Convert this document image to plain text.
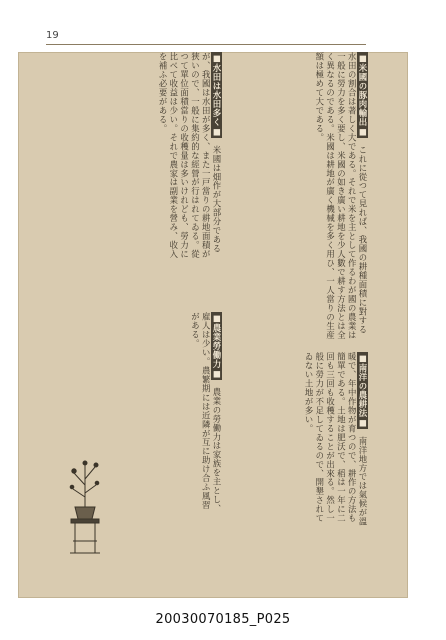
19
■米國の豚肉輸出■ これに從つて見れば、我國の耕種面積に對する水田の割合は著しく大である。それで米を主として作るわが國の農業は一般に勞力を多く要し、米國の如き廣い耕地を少人數で耕す方法とは全く異なるのである。米國は耕地が廣く機械を多く用ひ、一人當りの生産額は極めて大である。
■水田は水田多く■ 米國は畑作が大部分であるが、我國は水田が多く、また一戸當りの耕地面積が狹いので、一般に集約的な經營が行はれてゐる。從つて單位面積當りの收穫量は多いけれども、勞力に比べて收益は少い。それで農家は副業を營み、收入を補ふ必要がある。
■南洋の農耕法■ 南洋地方では氣候が溫暖で、年中作物が育つので、耕作の方法も簡單である。土地は肥沃で、稻は一年に二回も三回も收穫することが出來る。然し一般に勞力が不足してゐるので、開墾されてゐない土地が多い。
■農業勞働力■ 農業の勞働力は家族を主とし、雇人は少い。農繁期には近隣が互に助け合ふ風習がある。
20030070185_P025
